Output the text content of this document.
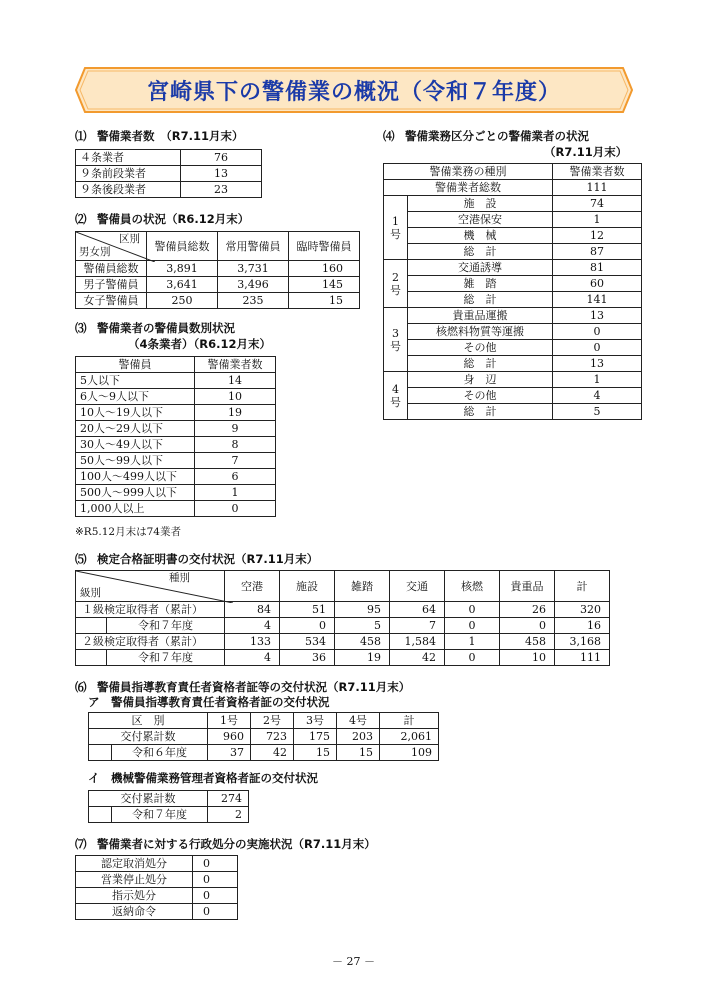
宮崎県下の警備業の概況（令和７年度）
⑴ 警備業者数　（R7.11月末）
４条業者	76
９条前段業者	13
９条後段業者	23
⑵ 警備員の状況（R6.12月末）
区別
男女別	警備員総数	常用警備員	臨時警備員
警備員総数	3,891	3,731	160
男子警備員	3,641	3,496	145
女子警備員	250	235	15
⑶ 警備業者の警備員数別状況
（4条業者）（R6.12月末）
警備員	警備業者数
5人以下	14
6人～9人以下	10
10人～19人以下	19
20人～29人以下	9
30人～49人以下	8
50人～99人以下	7
100人～499人以下	6
500人～999人以下	1
1,000人以上	0
※R5.12月末は74業者
⑷ 警備業務区分ごとの警備業者の状況
（R7.11月末）
警備業務の種別		警備業者数
警備業者総数		111
1号	施　設	74
	空港保安	1
	機　械	12
	総　計	87
2号	交通誘導	81
	雑　踏	60
	総　計	141
3号	貴重品運搬	13
	核燃料物質等運搬	0
	その他	0
	総　計	13
4号	身　辺	1
	その他	4
	総　計	5
⑸ 検定合格証明書の交付状況（R7.11月末）
種別
級別	空港	施設	雑踏	交通	核燃	貴重品	計
１級検定取得者（累計）	84	51	95	64	0	26	320

令和７年度	4	0	5	7	0	0	16
２級検定取得者（累計）	133	534	458	1,584	1	458	3,168

令和７年度	4	36	19	42	0	10	111
⑹ 警備員指導教育責任者資格者証等の交付状況（R7.11月末）
ア　警備員指導教育責任者資格者証の交付状況
区　別	1号	2号	3号	4号	計
交付累計数	960	723	175	203	2,061

令和６年度	37	42	15	15	109
イ　機械警備業務管理者資格者証の交付状況
交付累計数	274

令和７年度	2
⑺ 警備業者に対する行政処分の実施状況（R7.11月末）
認定取消処分	0
営業停止処分	0
指示処分	0
返納命令	0
－ 27 －
